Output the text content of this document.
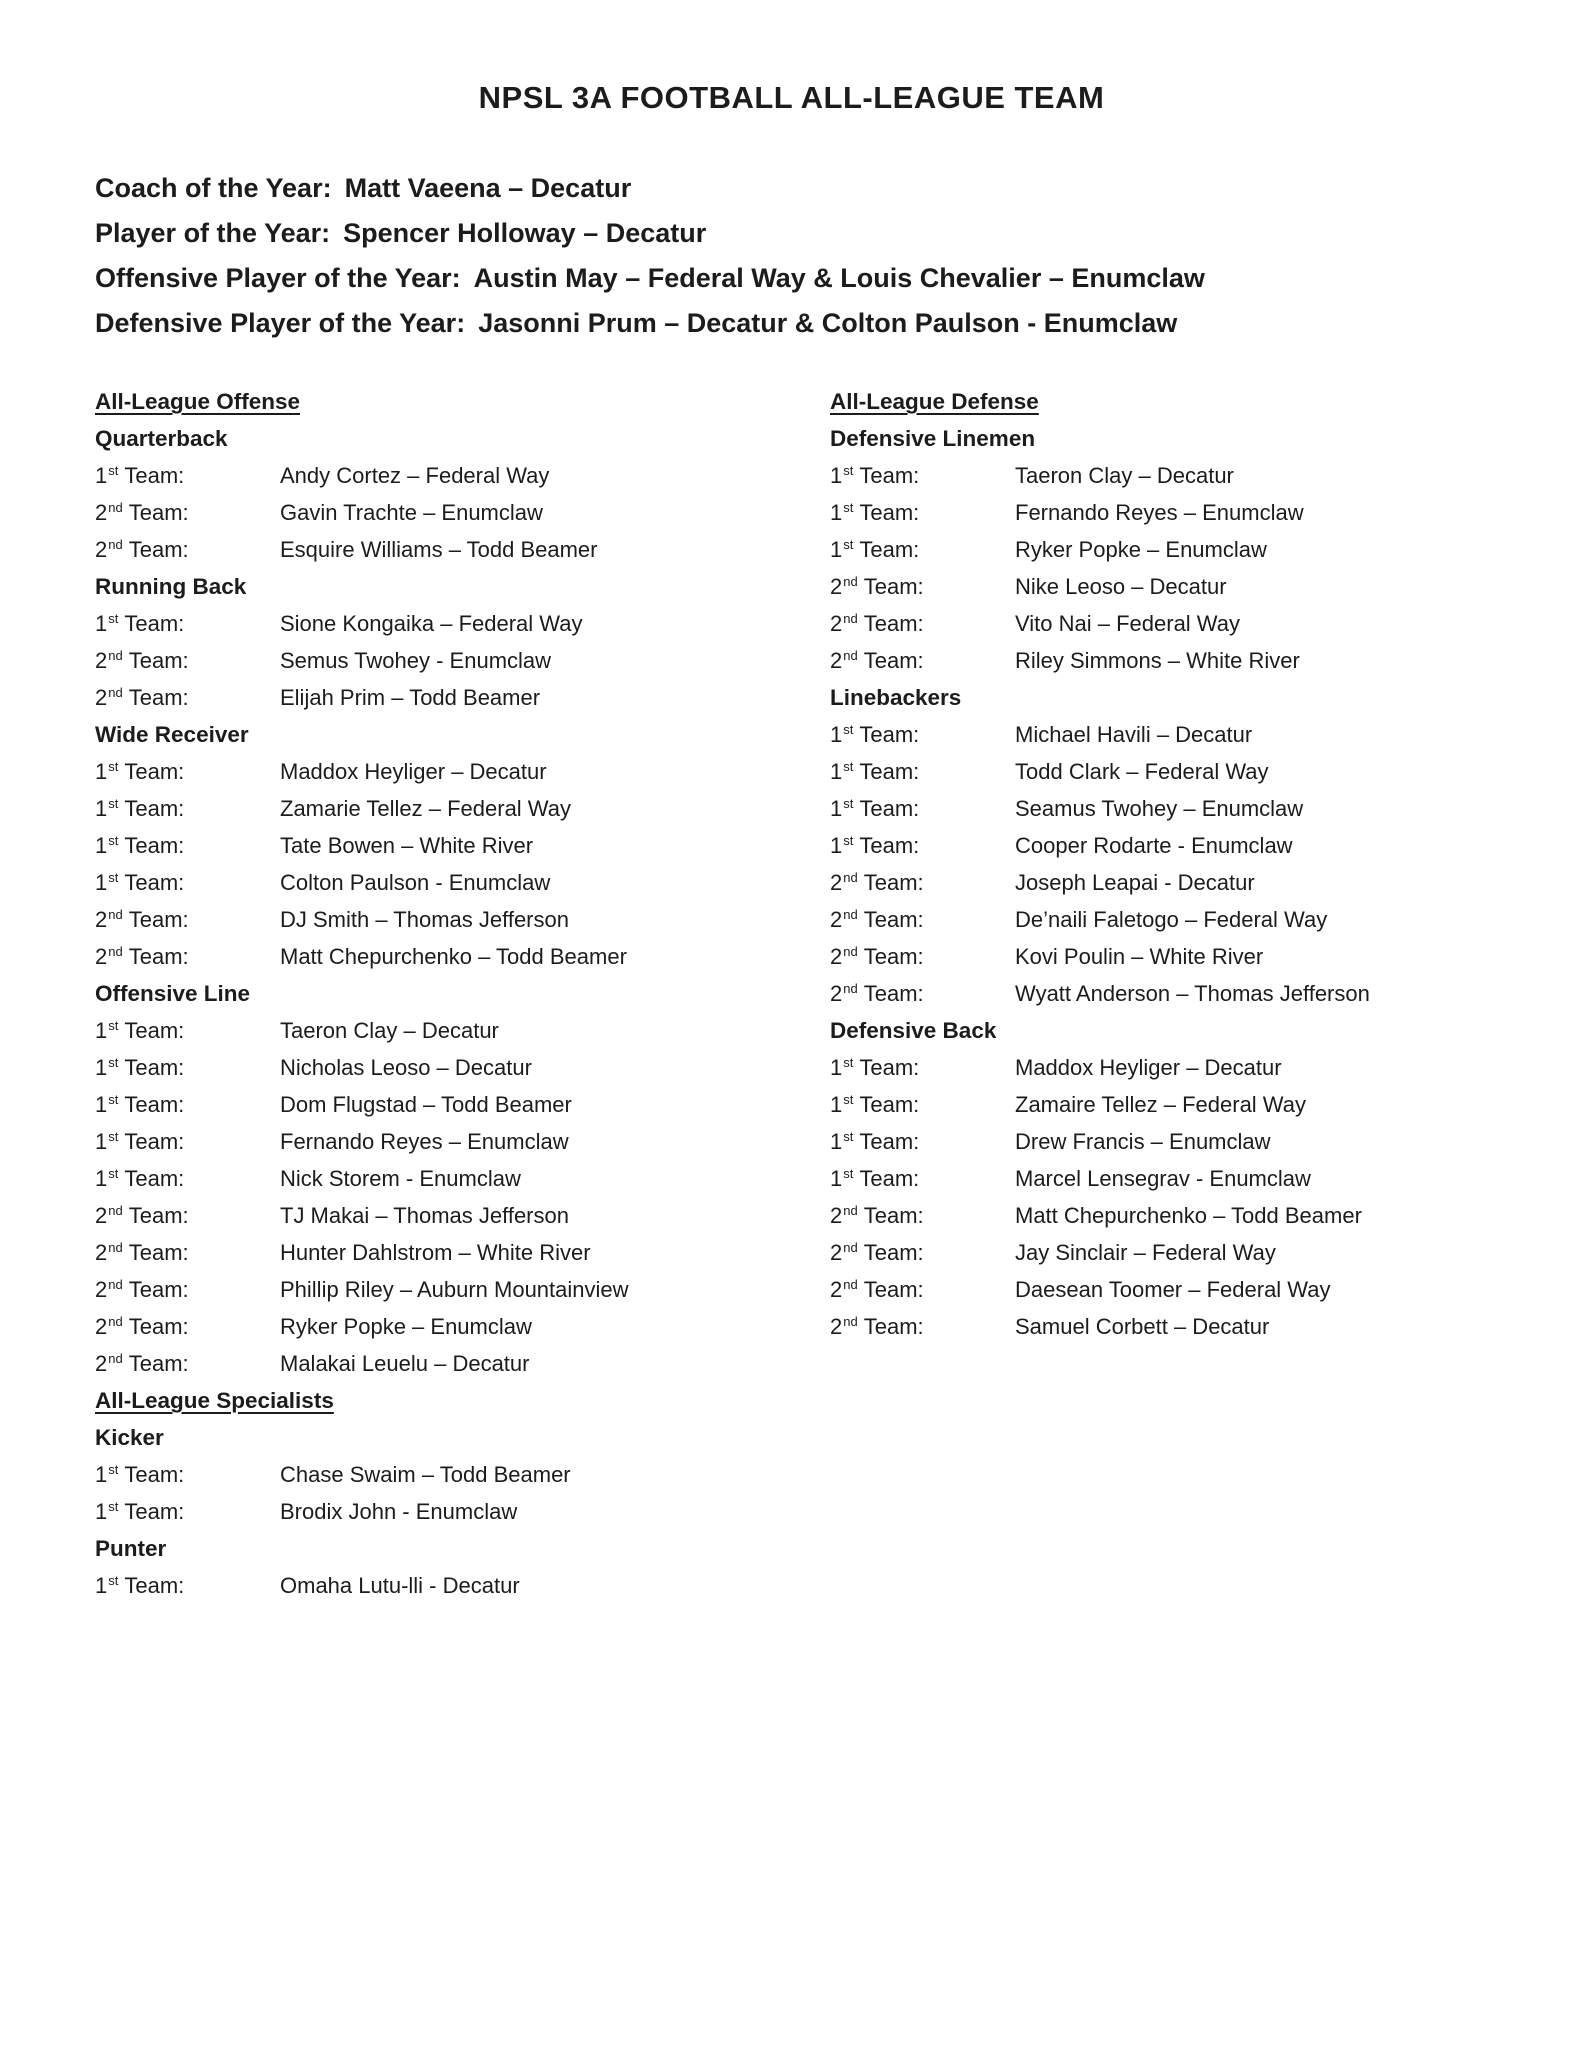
NPSL 3A FOOTBALL ALL-LEAGUE TEAM
Coach of the Year: Matt Vaeena – Decatur
Player of the Year: Spencer Holloway – Decatur
Offensive Player of the Year: Austin May – Federal Way & Louis Chevalier – Enumclaw
Defensive Player of the Year: Jasonni Prum – Decatur & Colton Paulson - Enumclaw
All-League Offense
Quarterback
1st Team:	Andy Cortez – Federal Way
2nd Team:	Gavin Trachte – Enumclaw
2nd Team:	Esquire Williams – Todd Beamer
Running Back
1st Team:	Sione Kongaika – Federal Way
2nd Team:	Semus Twohey - Enumclaw
2nd Team:	Elijah Prim – Todd Beamer
Wide Receiver
1st Team:	Maddox Heyliger – Decatur
1st Team:	Zamarie Tellez – Federal Way
1st Team:	Tate Bowen – White River
1st Team:	Colton Paulson - Enumclaw
2nd Team:	DJ Smith – Thomas Jefferson
2nd Team:	Matt Chepurchenko – Todd Beamer
Offensive Line
1st Team:	Taeron Clay – Decatur
1st Team:	Nicholas Leoso – Decatur
1st Team:	Dom Flugstad – Todd Beamer
1st Team:	Fernando Reyes – Enumclaw
1st Team:	Nick Storem - Enumclaw
2nd Team:	TJ Makai – Thomas Jefferson
2nd Team:	Hunter Dahlstrom – White River
2nd Team:	Phillip Riley – Auburn Mountainview
2nd Team:	Ryker Popke – Enumclaw
2nd Team:	Malakai Leuelu – Decatur
All-League Specialists
Kicker
1st Team:	Chase Swaim – Todd Beamer
1st Team:	Brodix John - Enumclaw
Punter
1st Team:	Omaha Lutu-lli - Decatur
All-League Defense
Defensive Linemen
1st Team:	Taeron Clay – Decatur
1st Team:	Fernando Reyes – Enumclaw
1st Team:	Ryker Popke – Enumclaw
2nd Team:	Nike Leoso – Decatur
2nd Team:	Vito Nai – Federal Way
2nd Team:	Riley Simmons – White River
Linebackers
1st Team:	Michael Havili – Decatur
1st Team:	Todd Clark – Federal Way
1st Team:	Seamus Twohey – Enumclaw
1st Team:	Cooper Rodarte - Enumclaw
2nd Team:	Joseph Leapai - Decatur
2nd Team:	De’naili Faletogo – Federal Way
2nd Team:	Kovi Poulin – White River
2nd Team:	Wyatt Anderson – Thomas Jefferson
Defensive Back
1st Team:	Maddox Heyliger – Decatur
1st Team:	Zamaire Tellez – Federal Way
1st Team:	Drew Francis – Enumclaw
1st Team:	Marcel Lensegrav - Enumclaw
2nd Team:	Matt Chepurchenko – Todd Beamer
2nd Team:	Jay Sinclair – Federal Way
2nd Team:	Daesean Toomer – Federal Way
2nd Team:	Samuel Corbett – Decatur
